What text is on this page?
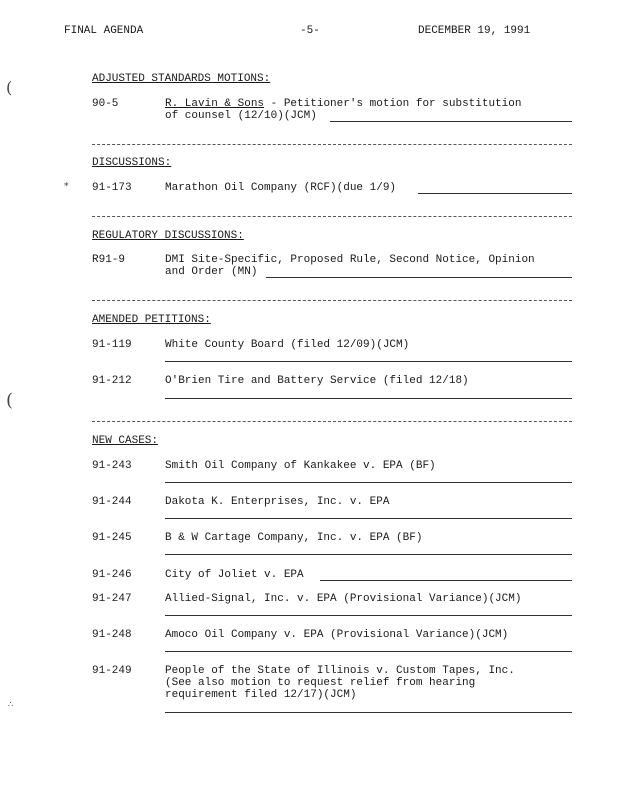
FINAL AGENDA	-5-	DECEMBER 19, 1991
(
(
*
ADJUSTED STANDARDS MOTIONS:
90-5	R. Lavin & Sons - Petitioner's motion for substitution
of counsel (12/10)(JCM)
DISCUSSIONS:
91-173	Marathon Oil Company (RCF)(due 1/9)
REGULATORY DISCUSSIONS:
R91-9	DMI Site-Specific, Proposed Rule, Second Notice, Opinion
and Order (MN)
AMENDED PETITIONS:
91-119	White County Board (filed 12/09)(JCM)
91-212	O'Brien Tire and Battery Service (filed 12/18)
NEW CASES:
91-243	Smith Oil Company of Kankakee v. EPA (BF)
91-244	Dakota K. Enterprises, Inc. v. EPA
91-245	B & W Cartage Company, Inc. v. EPA (BF)
91-246	City of Joliet v. EPA
91-247	Allied-Signal, Inc. v. EPA (Provisional Variance)(JCM)
91-248	Amoco Oil Company v. EPA (Provisional Variance)(JCM)
91-249	People of the State of Illinois v. Custom Tapes, Inc.
(See also motion to request relief from hearing
requirement filed 12/17)(JCM)
∴
